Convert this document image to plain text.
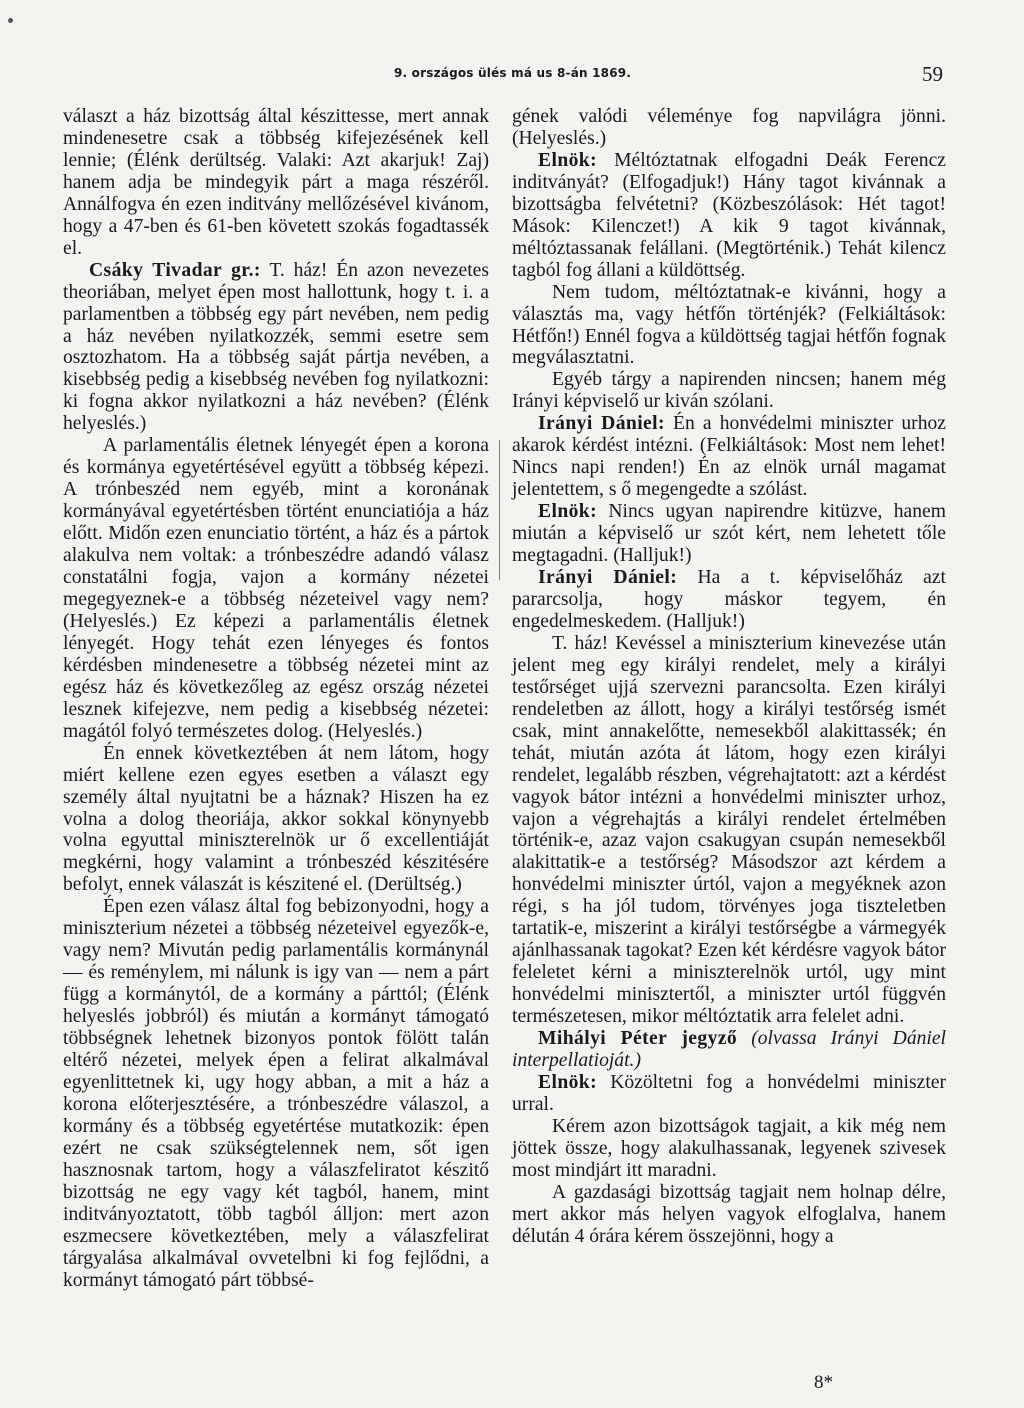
9. országos ülés má us 8-án 1869.	59

választ a ház bizottság által készittesse, mert annak mindenesetre csak a többség kifejezésének kell lennie; (Élénk derültség. Valaki: Azt akarjuk! Zaj) hanem adja be mindegyik párt a maga részéről. Annálfogva én ezen inditvány mellőzésével kivánom, hogy a 47-ben és 61-ben követett szokás fogadtassék el.

Csáky Tivadar gr.: T. ház! Én azon nevezetes theoriában, melyet épen most hallottunk, hogy t. i. a parlamentben a többség egy párt nevében, nem pedig a ház nevében nyilatkozzék, semmi esetre sem osztozhatom. Ha a többség saját pártja nevében, a kisebbség pedig a kisebbség nevében fog nyilatkozni: ki fogna akkor nyilatkozni a ház nevében? (Élénk helyeslés.)

A parlamentális életnek lényegét épen a korona és kormánya egyetértésével együtt a többség képezi. A trónbeszéd nem egyéb, mint a koronának kormányával egyetértésben történt enunciatiója a ház előtt. Midőn ezen enunciatio történt, a ház és a pártok alakulva nem voltak: a trónbeszédre adandó válasz constatálni fogja, vajon a kormány nézetei megegyeznek-e a többség nézeteivel vagy nem? (Helyeslés.) Ez képezi a parlamentális életnek lényegét. Hogy tehát ezen lényeges és fontos kérdésben mindenesetre a többség nézetei mint az egész ház és következőleg az egész ország nézetei lesznek kifejezve, nem pedig a kisebbség nézetei: magától folyó természetes dolog. (Helyeslés.)

Én ennek következtében át nem látom, hogy miért kellene ezen egyes esetben a választ egy személy által nyujtatni be a háznak? Hiszen ha ez volna a dolog theoriája, akkor sokkal könynyebb volna egyuttal miniszterelnök ur ő excellentiáját megkérni, hogy valamint a trónbeszéd készitésére befolyt, ennek válaszát is készitené el. (Derültség.)

Épen ezen válasz által fog bebizonyodni, hogy a miniszterium nézetei a többség nézeteivel egyezők-e, vagy nem? Mivután pedig parlamentális kormánynál — és reménylem, mi nálunk is igy van — nem a párt függ a kormánytól, de a kormány a párttól; (Élénk helyeslés jobbról) és miután a kormányt támogató többségnek lehetnek bizonyos pontok fölött talán eltérő nézetei, melyek épen a felirat alkalmával egyenlittetnek ki, ugy hogy abban, a mit a ház a korona előterjesztésére, a trónbeszédre válaszol, a kormány és a többség egyetértése mutatkozik: épen ezért ne csak szükségtelennek nem, sőt igen hasznosnak tartom, hogy a válaszfeliratot készitő bizottság ne egy vagy két tagból, hanem, mint inditványoztatott, több tagból álljon: mert azon eszmecsere következtében, mely a válaszfelirat tárgyalása alkalmával ovvetelbni ki fog fejlődni, a kormányt támogató párt többsé-

gének valódi véleménye fog napvilágra jönni. (Helyeslés.)

Elnök: Méltóztatnak elfogadni Deák Ferencz inditványát? (Elfogadjuk!) Hány tagot kivánnak a bizottságba felvétetni? (Közbeszólások: Hét tagot! Mások: Kilenczet!) A kik 9 tagot kivánnak, méltóztassanak felállani. (Megtörténik.) Tehát kilencz tagból fog állani a küldöttség.

Nem tudom, méltóztatnak-e kivánni, hogy a választás ma, vagy hétfőn történjék? (Felkiáltások: Hétfőn!) Ennél fogva a küldöttség tagjai hétfőn fognak megválasztatni.

Egyéb tárgy a napirenden nincsen; hanem még Irányi képviselő ur kiván szólani.

Irányi Dániel: Én a honvédelmi miniszter urhoz akarok kérdést intézni. (Felkiáltások: Most nem lehet! Nincs napi renden!) Én az elnök urnál magamat jelentettem, s ő megengedte a szólást.

Elnök: Nincs ugyan napirendre kitüzve, hanem miután a képviselő ur szót kért, nem lehetett tőle megtagadni. (Halljuk!)

Irányi Dániel: Ha a t. képviselőház azt pararcsolja, hogy máskor tegyem, én engedelmeskedem. (Halljuk!)

T. ház! Kevéssel a miniszterium kinevezése után jelent meg egy királyi rendelet, mely a királyi testőrséget ujjá szervezni parancsolta. Ezen királyi rendeletben az állott, hogy a királyi testőrség ismét csak, mint annakelőtte, nemesekből alakittassék; én tehát, miután azóta át látom, hogy ezen királyi rendelet, legalább részben, végrehajtatott: azt a kérdést vagyok bátor intézni a honvédelmi miniszter urhoz, vajon a végrehajtás a királyi rendelet értelmében történik-e, azaz vajon csakugyan csupán nemesekből alakittatik-e a testőrség? Másodszor azt kérdem a honvédelmi miniszter úrtól, vajon a megyéknek azon régi, s ha jól tudom, törvényes joga tiszteletben tartatik-e, miszerint a királyi testőrségbe a vármegyék ajánlhassanak tagokat? Ezen két kérdésre vagyok bátor feleletet kérni a miniszterelnök urtól, ugy mint honvédelmi minisztertől, a miniszter urtól függvén természetesen, mikor méltóztatik arra felelet adni.

Mihályi Péter jegyző (olvassa Irányi Dániel interpellatioját.)

Elnök: Közöltetni fog a honvédelmi miniszter urral.

Kérem azon bizottságok tagjait, a kik még nem jöttek össze, hogy alakulhassanak, legyenek szivesek most mindjárt itt maradni.

A gazdasági bizottság tagjait nem holnap délre, mert akkor más helyen vagyok elfoglalva, hanem délután 4 órára kérem összejönni, hogy a

8*
